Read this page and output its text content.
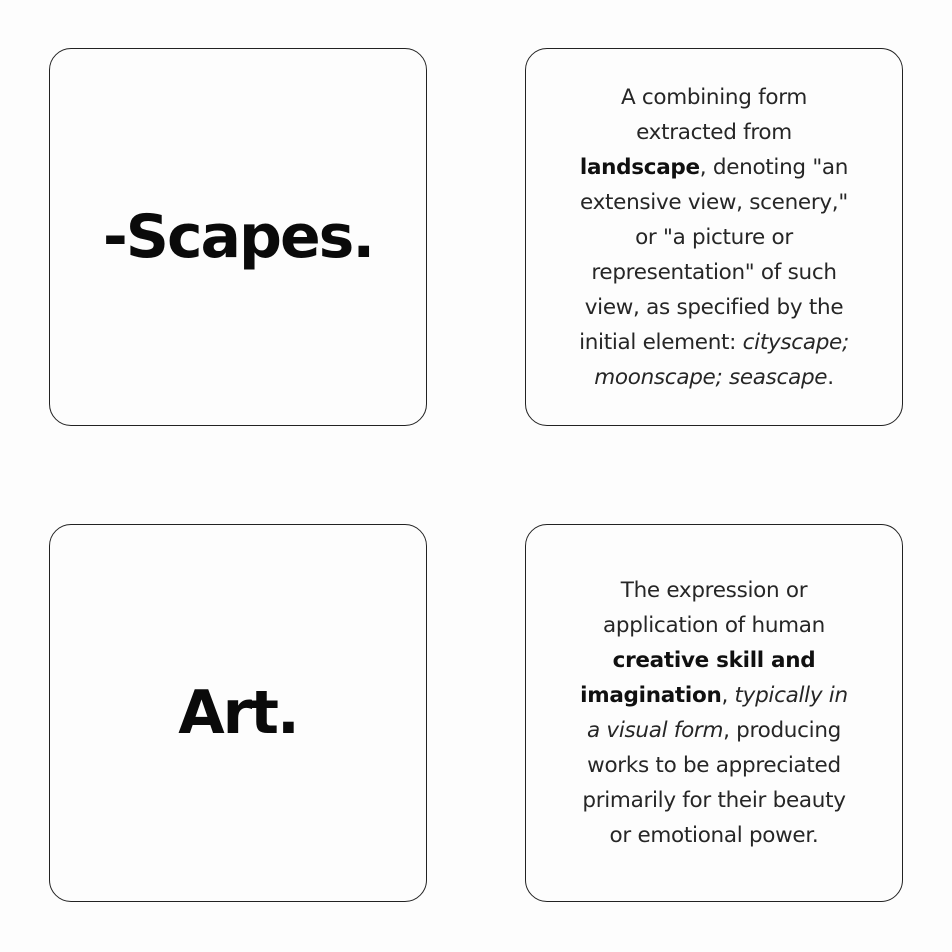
-Scapes.

A combining form
extracted from
landscape, denoting "an
extensive view, scenery,"
or "a picture or
representation" of such
view, as specified by the
initial element: cityscape;
moonscape; seascape.

Art.

The expression or
application of human
creative skill and
imagination, typically in
a visual form, producing
works to be appreciated
primarily for their beauty
or emotional power.
